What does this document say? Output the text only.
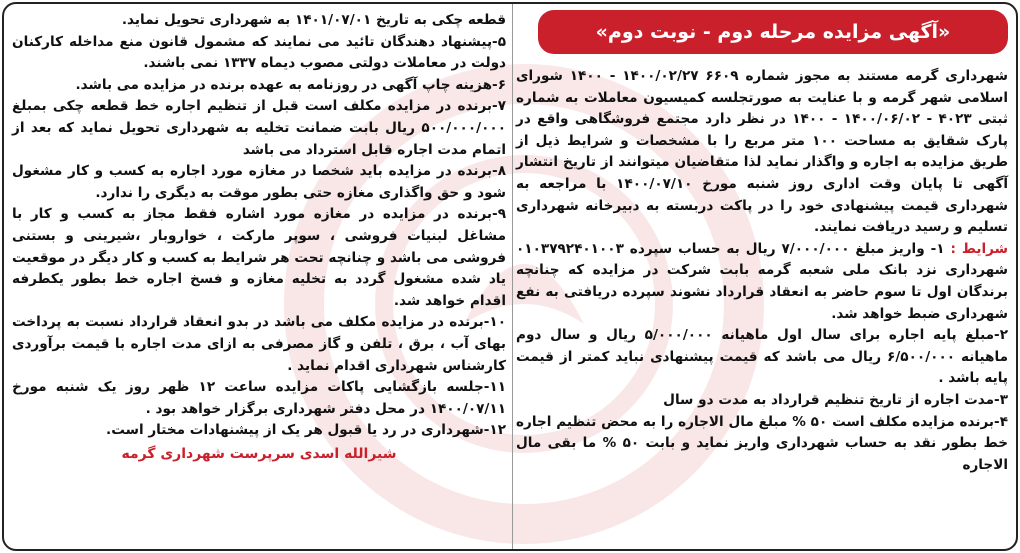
«آگهی مزایده مرحله دوم - نوبت دوم»

شهرداری گرمه مستند به مجوز شماره ۶۶۰۹ ۱۴۰۰/۰۲/۲۷ - ۱۴۰۰ شورای اسلامی شهر گرمه و با عنایت به صورتجلسه کمیسیون معاملات به شماره ثبتی ۴۰۲۳ - ۱۴۰۰/۰۶/۰۲ - ۱۴۰۰ در نظر دارد مجتمع فروشگاهی واقع در پارک شقایق به مساحت ۱۰۰ متر مربع را با مشخصات و شرایط ذیل از طریق مزایده به اجاره و واگذار نماید لذا متقاضیان میتوانند از تاریخ انتشار آگهی تا پایان وقت اداری روز شنبه مورخ ۱۴۰۰/۰۷/۱۰ با مراجعه به شهرداری قیمت پیشنهادی خود را در پاکت دربسته به دبیرخانه شهرداری تسلیم و رسید دریافت نمایند.

شرایط : ۱- واریز مبلغ ۷/۰۰۰/۰۰۰ ریال به حساب سپرده ۰۱۰۳۷۹۲۴۰۱۰۰۳ شهرداری نزد بانک ملی شعبه گرمه بابت شرکت در مزایده که چنانچه برندگان اول تا سوم حاضر به انعقاد قرارداد نشوند سپرده دریافتی به نفع شهرداری ضبط خواهد شد.

۲-مبلغ پایه اجاره برای سال اول ماهیانه ۵/۰۰۰/۰۰۰ ریال و سال دوم ماهیانه ۶/۵۰۰/۰۰۰ ریال می باشد که قیمت پیشنهادی نباید کمتر از قیمت پایه باشد .

۳-مدت اجاره از تاریخ تنظیم قرارداد به مدت دو سال

۴-برنده مزایده مکلف است ۵۰ % مبلغ مال الاجاره را به محض تنظیم اجاره خط بطور نقد به حساب شهرداری واریز نماید و بابت ۵۰ % ما بقی مال الاجاره

قطعه چکی به تاریخ ۱۴۰۱/۰۷/۰۱ به شهرداری تحویل نماید.

۵-پیشنهاد دهندگان تائید می نمایند که مشمول قانون منع مداخله کارکنان دولت در معاملات دولتی مصوب دیماه ۱۳۳۷ نمی باشند.

۶-هزینه چاپ آگهی در روزنامه به عهده برنده در مزایده می باشد.

۷-برنده در مزایده مکلف است قبل از تنظیم اجاره خط قطعه چکی بمبلغ ۵۰۰/۰۰۰/۰۰۰ ریال بابت ضمانت تخلیه به شهرداری تحویل نماید که بعد از اتمام مدت اجاره قابل استرداد می باشد

۸-برنده در مزایده باید شخصا در مغازه مورد اجاره به کسب و کار مشغول شود و حق واگذاری مغازه حتی بطور موقت به دیگری را ندارد.

۹-برنده در مزایده در مغازه مورد اشاره فقط مجاز به کسب و کار با مشاغل لبنیات فروشی ، سوپر مارکت ، خواروبار ،شیرینی و بستنی فروشی می باشد و چنانچه تحت هر شرایط به کسب و کار دیگر در موقعیت یاد شده مشغول گردد به تخلیه مغازه و فسخ اجاره خط بطور یکطرفه اقدام خواهد شد.

۱۰-برنده در مزایده مکلف می باشد در بدو انعقاد قرارداد نسبت به پرداخت بهای آب ، برق ، تلفن و گاز مصرفی به ازای مدت اجاره با قیمت برآوردی کارشناس شهرداری اقدام نماید .

۱۱-جلسه بازگشایی پاکات مزایده ساعت ۱۲ ظهر روز یک شنبه مورخ ۱۴۰۰/۰۷/۱۱ در محل دفتر شهرداری برگزار خواهد بود .

۱۲-شهرداری در رد یا قبول هر یک از پیشنهادات مختار است.

شیرالله اسدی سرپرست شهرداری گرمه
